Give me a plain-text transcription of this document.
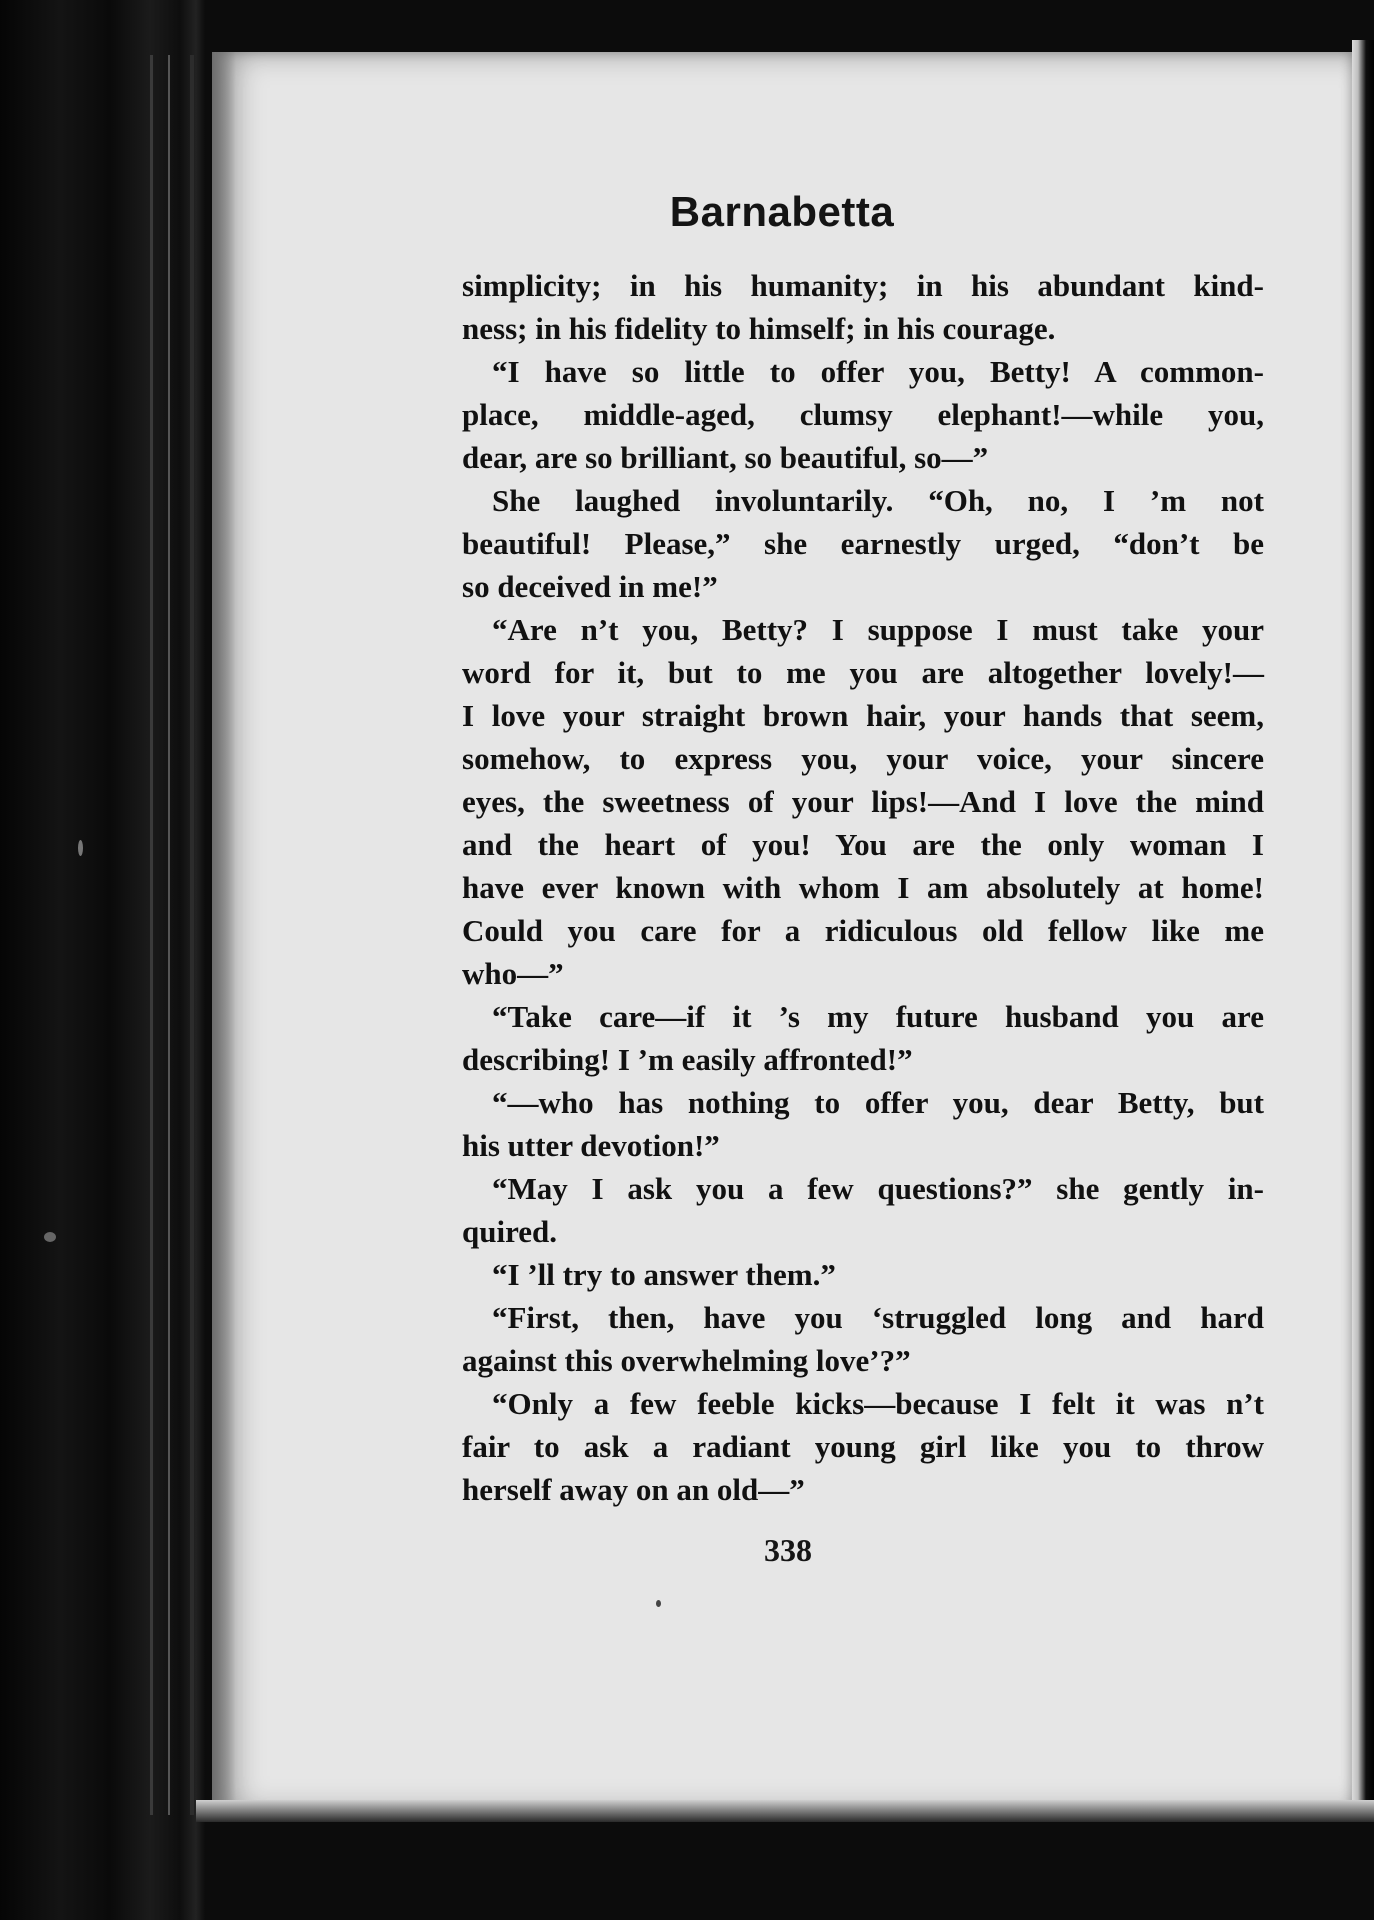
Barnabetta
simplicity; in his humanity; in his abundant kind-
ness; in his fidelity to himself; in his courage.
“I have so little to offer you, Betty! A common-
place, middle-aged, clumsy elephant!—while you,
dear, are so brilliant, so beautiful, so—”
She laughed involuntarily. “Oh, no, I ’m not
beautiful! Please,” she earnestly urged, “don’t be
so deceived in me!”
“Are n’t you, Betty? I suppose I must take your
word for it, but to me you are altogether lovely!—
I love your straight brown hair, your hands that seem,
somehow, to express you, your voice, your sincere
eyes, the sweetness of your lips!—And I love the mind
and the heart of you! You are the only woman I
have ever known with whom I am absolutely at home!
Could you care for a ridiculous old fellow like me
who—”
“Take care—if it ’s my future husband you are
describing! I ’m easily affronted!”
“—who has nothing to offer you, dear Betty, but
his utter devotion!”
“May I ask you a few questions?” she gently in-
quired.
“I ’ll try to answer them.”
“First, then, have you ‘struggled long and hard
against this overwhelming love’?”
“Only a few feeble kicks—because I felt it was n’t
fair to ask a radiant young girl like you to throw
herself away on an old—”
338
